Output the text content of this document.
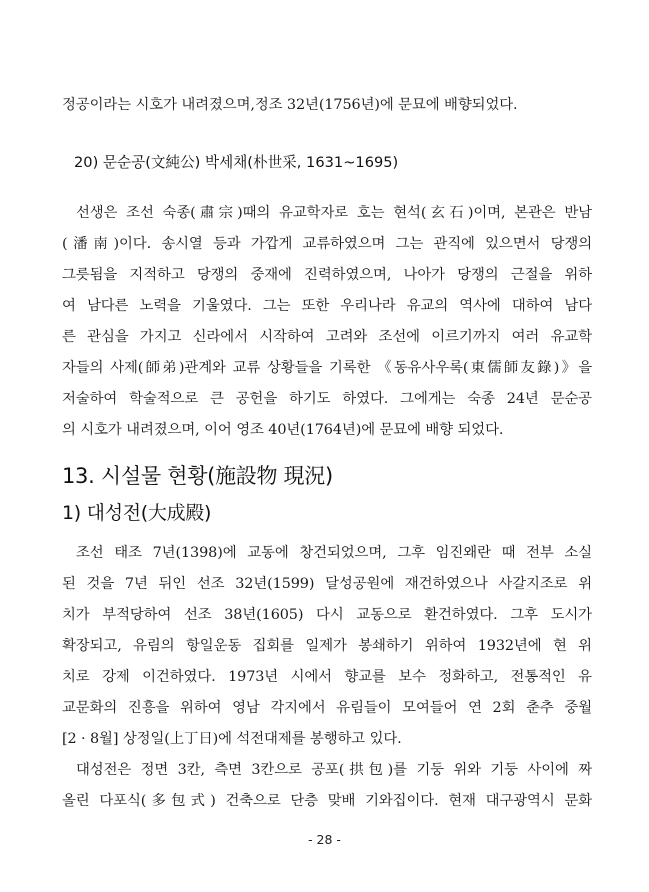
정공이라는 시호가 내려졌으며,정조 32년(1756년)에 문묘에 배향되었다.
20) 문순공(文純公) 박세채(朴世采, 1631∼1695)
선생은 조선 숙종(肅宗)때의 유교학자로 호는 현석(玄石)이며, 본관은 반남
(潘南)이다. 송시열 등과 가깝게 교류하였으며 그는 관직에 있으면서 당쟁의
그릇됨을 지적하고 당쟁의 중재에 진력하였으며, 나아가 당쟁의 근절을 위하
여 남다른 노력을 기울였다. 그는 또한 우리나라 유교의 역사에 대하여 남다
른 관심을 가지고 신라에서 시작하여 고려와 조선에 이르기까지 여러 유교학
자들의 사제(師弟)관계와 교류 상황들을 기록한 《동유사우록(東儒師友錄)》을
저술하여 학술적으로 큰 공헌을 하기도 하였다. 그에게는 숙종 24년 문순공
의 시호가 내려졌으며, 이어 영조 40년(1764년)에 문묘에 배향 되었다.
13. 시설물 현황(施設物 現況)
1) 대성전(大成殿)
조선 태조 7년(1398)에 교동에 창건되었으며, 그후 임진왜란 때 전부 소실
된 것을 7년 뒤인 선조 32년(1599) 달성공원에 재건하였으나 사갈지조로 위
치가 부적당하여 선조 38년(1605) 다시 교동으로 환건하였다. 그후 도시가
확장되고, 유림의 항일운동 집회를 일제가 봉쇄하기 위하여 1932년에 현 위
치로 강제 이건하였다. 1973년 시에서 향교를 보수 정화하고, 전통적인 유
교문화의 진흥을 위하여 영남 각지에서 유림들이 모여들어 연 2회 춘추 중월
[2 · 8월] 상정일(上丁日)에 석전대제를 봉행하고 있다.
대성전은 정면 3칸, 측면 3칸으로 공포(拱包)를 기둥 위와 기둥 사이에 짜
올린 다포식(多包式) 건축으로 단층 맞배 기와집이다. 현재 대구광역시 문화
- 28 -
